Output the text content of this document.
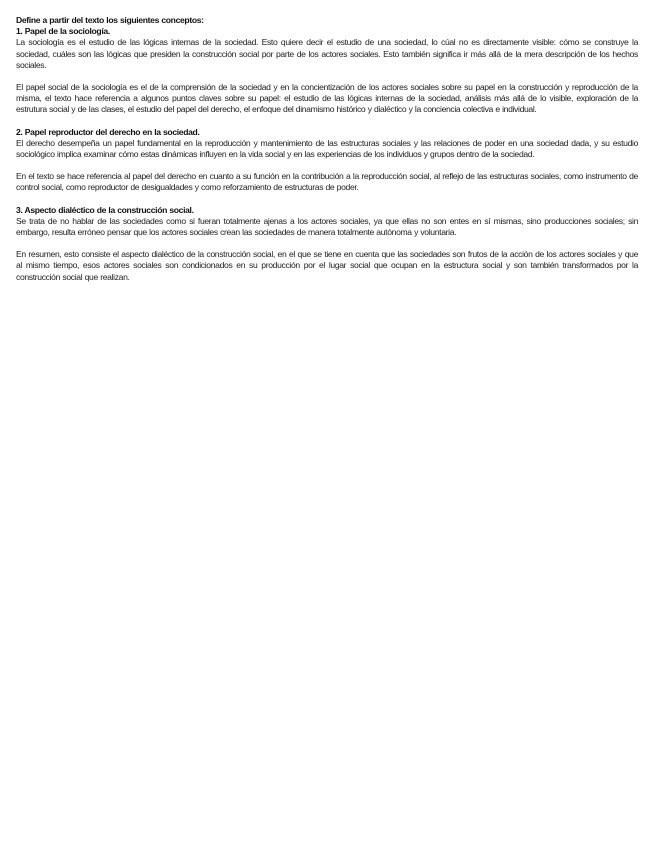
Define a partir del texto los siguientes conceptos:

1. Papel de la sociología.

La sociología es el estudio de las lógicas internas de la sociedad. Esto quiere decir el estudio de una sociedad, lo cúal no es directamente visible: cómo se construye la sociedad, cuáles son las lógicas que presiden la construcción social por parte de los actores sociales. Esto también significa ir más allá de la mera descripción de los hechos sociales.

El papel social de la sociología es el de la comprensión de la sociedad y en la concientización de los actores sociales sobre su papel en la construcción y reproducción de la misma, el texto hace referencia a algunos puntos claves sobre su papel: el estudio de las lógicas internas de la sociedad, análisis más allá de lo visible, exploración de la estrutura social y de las clases, el estudio del papel del derecho, el enfoque del dinamismo histórico y dialéctico y la conciencia colectiva e individual.

2. Papel reproductor del derecho en la sociedad.

El derecho desempeña un papel fundamental en la reproducción y mantenimiento de las estructuras sociales y las relaciones de poder en una sociedad dada, y su estudio sociológico implica examinar cómo estas dinámicas influyen en la vida social y en las experiencias de los individuos y grupos dentro de la sociedad.

En el texto se hace referencia al papel del derecho en cuanto a su función en la contribución a la reproducción social, al reflejo de las estructuras sociales, como instrumento de control social, como reproductor de desigualdades y como reforzamiento de estructuras de poder.

3. Aspecto dialéctico de la construcción social.

Se trata de no hablar de las sociedades como si fueran totalmente ajenas a los actores sociales, ya que ellas no son entes en sí mismas, sino producciones sociales; sin embargo, resulta erróneo pensar que los actores sociales crean las sociedades de manera totalmente autónoma y voluntaria.

En resumen, esto consiste el aspecto dialéctico de la construcción social, en el que se tiene en cuenta que las sociedades son frutos de la acción de los actores sociales y que al mismo tiempo, esos actores sociales son condicionados en su producción por el lugar social que ocupan en la estructura social y son también transformados por la construcción social que realizan.
